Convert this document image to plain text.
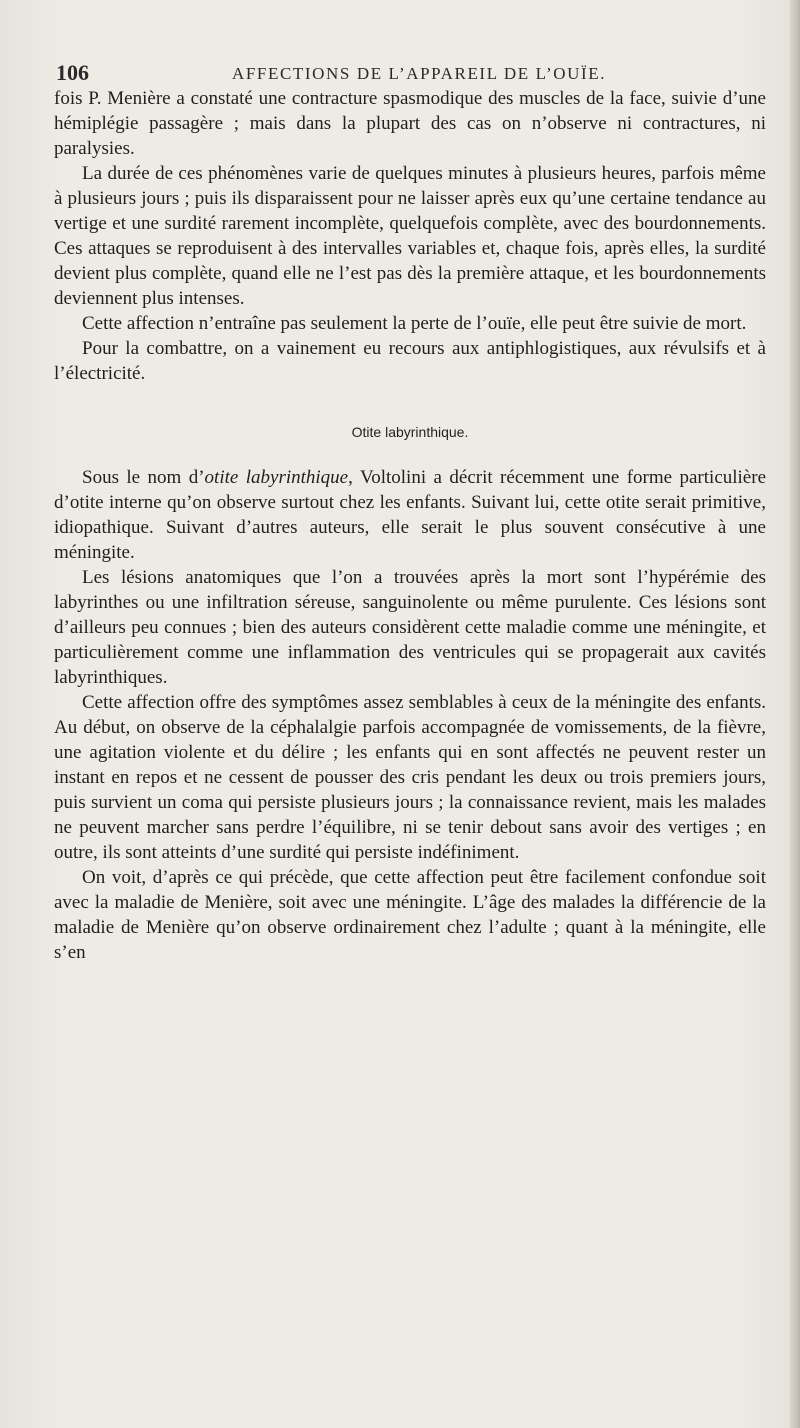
106	AFFECTIONS DE L’APPAREIL DE L’OUÏE.

fois P. Menière a constaté une contracture spasmodique des muscles de la face, suivie d’une hémiplégie passagère ; mais dans la plupart des cas on n’observe ni contractures, ni paralysies.

La durée de ces phénomènes varie de quelques minutes à plusieurs heures, parfois même à plusieurs jours ; puis ils disparaissent pour ne laisser après eux qu’une certaine tendance au vertige et une surdité rarement incomplète, quelquefois complète, avec des bourdonnements. Ces attaques se reproduisent à des intervalles variables et, chaque fois, après elles, la surdité devient plus complète, quand elle ne l’est pas dès la première attaque, et les bourdonnements deviennent plus intenses.

Cette affection n’entraîne pas seulement la perte de l’ouïe, elle peut être suivie de mort.

Pour la combattre, on a vainement eu recours aux antiphlogistiques, aux révulsifs et à l’électricité.

Otite labyrinthique.

Sous le nom d’otite labyrinthique, Voltolini a décrit récemment une forme particulière d’otite interne qu’on observe surtout chez les enfants. Suivant lui, cette otite serait primitive, idiopathique. Suivant d’autres auteurs, elle serait le plus souvent consécutive à une méningite.

Les lésions anatomiques que l’on a trouvées après la mort sont l’hypérémie des labyrinthes ou une infiltration séreuse, sanguinolente ou même purulente. Ces lésions sont d’ailleurs peu connues ; bien des auteurs considèrent cette maladie comme une méningite, et particulièrement comme une inflammation des ventricules qui se propagerait aux cavités labyrinthiques.

Cette affection offre des symptômes assez semblables à ceux de la méningite des enfants. Au début, on observe de la céphalalgie parfois accompagnée de vomissements, de la fièvre, une agitation violente et du délire ; les enfants qui en sont affectés ne peuvent rester un instant en repos et ne cessent de pousser des cris pendant les deux ou trois premiers jours, puis survient un coma qui persiste plusieurs jours ; la connaissance revient, mais les malades ne peuvent marcher sans perdre l’équilibre, ni se tenir debout sans avoir des vertiges ; en outre, ils sont atteints d’une surdité qui persiste indéfiniment.

On voit, d’après ce qui précède, que cette affection peut être facilement confondue soit avec la maladie de Menière, soit avec une méningite. L’âge des malades la différencie de la maladie de Menière qu’on observe ordinairement chez l’adulte ; quant à la méningite, elle s’en
